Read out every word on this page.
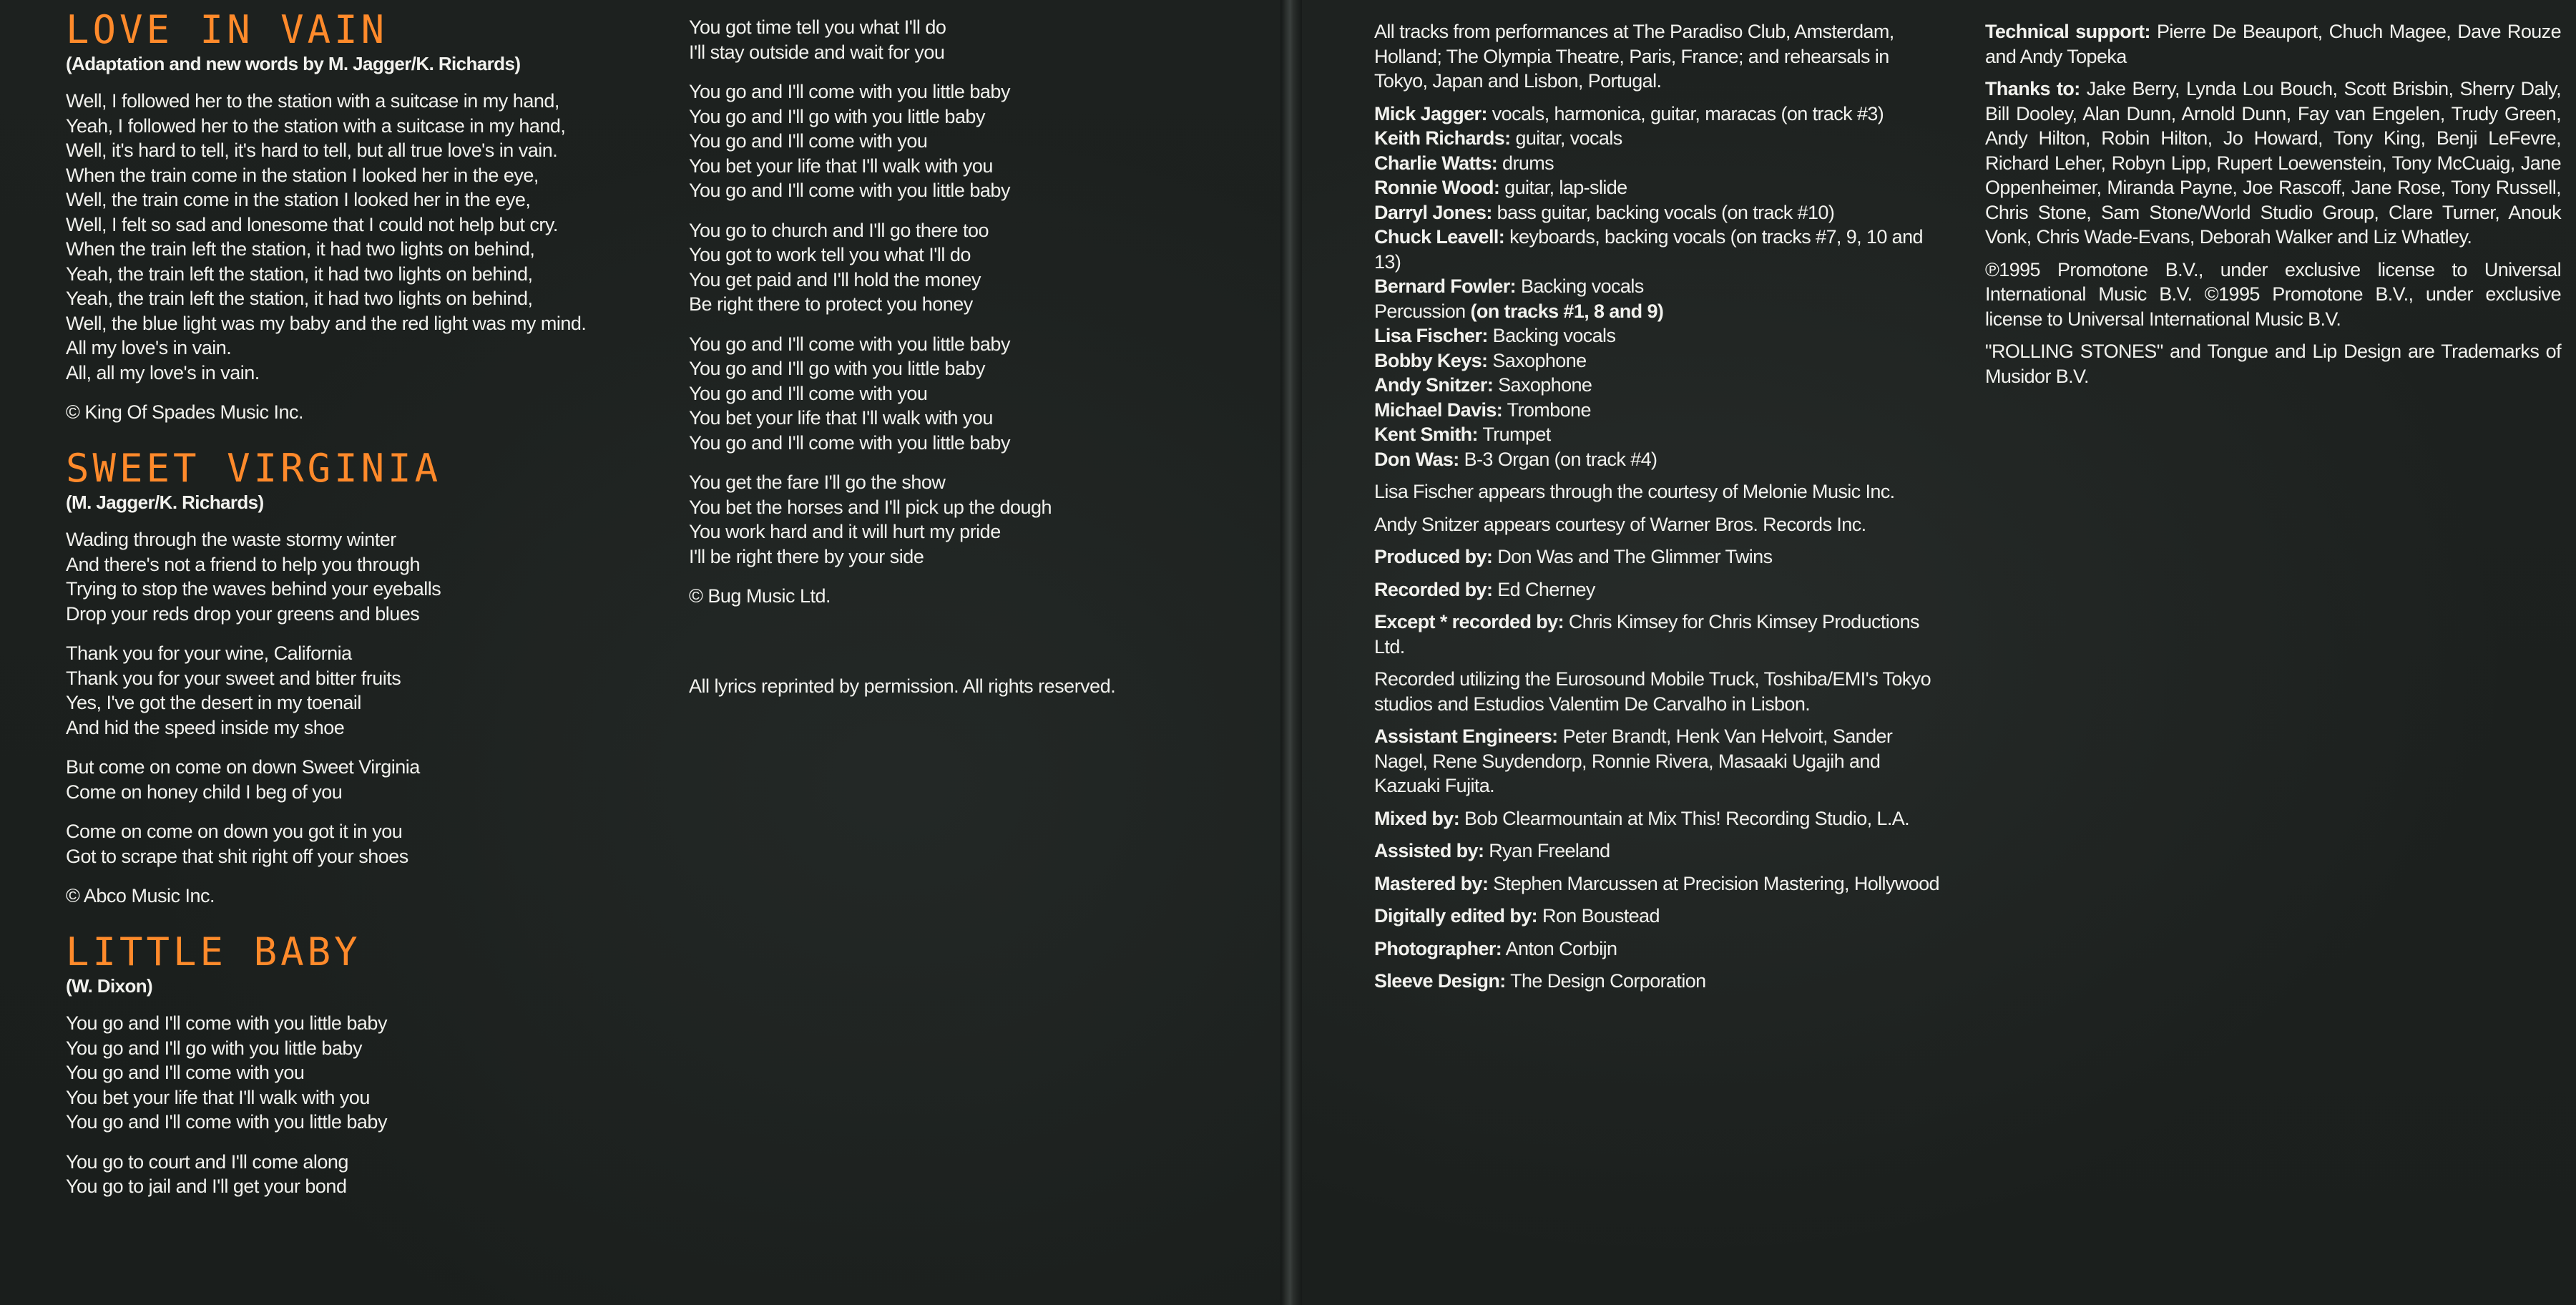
LOVE IN VAIN

(Adaptation and new words by M. Jagger/K. Richards)

Well, I followed her to the station with a suitcase in my hand,
Yeah, I followed her to the station with a suitcase in my hand,
Well, it's hard to tell, it's hard to tell, but all true love's in vain.
When the train come in the station I looked her in the eye,
Well, the train come in the station I looked her in the eye,
Well, I felt so sad and lonesome that I could not help but cry.
When the train left the station, it had two lights on behind,
Yeah, the train left the station, it had two lights on behind,
Yeah, the train left the station, it had two lights on behind,
Well, the blue light was my baby and the red light was my mind.
All my love's in vain.
All, all my love's in vain.

© King Of Spades Music Inc.

SWEET VIRGINIA

(M. Jagger/K. Richards)

Wading through the waste stormy winter
And there's not a friend to help you through
Trying to stop the waves behind your eyeballs
Drop your reds drop your greens and blues
Thank you for your wine, California
Thank you for your sweet and bitter fruits
Yes, I've got the desert in my toenail
And hid the speed inside my shoe
But come on come on down Sweet Virginia
Come on honey child I beg of you
Come on come on down you got it in you
Got to scrape that shit right off your shoes

© Abco Music Inc.

LITTLE BABY

(W. Dixon)

You go and I'll come with you little baby
You go and I'll go with you little baby
You go and I'll come with you
You bet your life that I'll walk with you
You go and I'll come with you little baby
You go to court and I'll come along
You go to jail and I'll get your bond
You got time tell you what I'll do
I'll stay outside and wait for you
You go and I'll come with you little baby
You go and I'll go with you little baby
You go and I'll come with you
You bet your life that I'll walk with you
You go and I'll come with you little baby
You go to church and I'll go there too
You got to work tell you what I'll do
You get paid and I'll hold the money
Be right there to protect you honey
You go and I'll come with you little baby
You go and I'll go with you little baby
You go and I'll come with you
You bet your life that I'll walk with you
You go and I'll come with you little baby
You get the fare I'll go the show
You bet the horses and I'll pick up the dough
You work hard and it will hurt my pride
I'll be right there by your side

© Bug Music Ltd.

All lyrics reprinted by permission. All rights reserved.

All tracks from performances at The Paradiso Club, Amsterdam, Holland; The Olympia Theatre, Paris, France; and rehearsals in Tokyo, Japan and Lisbon, Portugal.

Mick Jagger: vocals, harmonica, guitar, maracas (on track #3)
Keith Richards: guitar, vocals
Charlie Watts: drums
Ronnie Wood: guitar, lap-slide
Darryl Jones: bass guitar, backing vocals (on track #10)
Chuck Leavell: keyboards, backing vocals (on tracks #7, 9, 10 and 13)
Bernard Fowler: Backing vocals
Percussion (on tracks #1, 8 and 9)
Lisa Fischer: Backing vocals
Bobby Keys: Saxophone
Andy Snitzer: Saxophone
Michael Davis: Trombone
Kent Smith: Trumpet
Don Was: B-3 Organ (on track #4)

Lisa Fischer appears through the courtesy of Melonie Music Inc.

Andy Snitzer appears courtesy of Warner Bros. Records Inc.

Produced by: Don Was and The Glimmer Twins

Recorded by: Ed Cherney

Except * recorded by: Chris Kimsey for Chris Kimsey Productions Ltd.

Recorded utilizing the Eurosound Mobile Truck, Toshiba/EMI's Tokyo studios and Estudios Valentim De Carvalho in Lisbon.

Assistant Engineers: Peter Brandt, Henk Van Helvoirt, Sander Nagel, Rene Suydendorp, Ronnie Rivera, Masaaki Ugajih and Kazuaki Fujita.

Mixed by: Bob Clearmountain at Mix This! Recording Studio, L.A.

Assisted by: Ryan Freeland

Mastered by: Stephen Marcussen at Precision Mastering, Hollywood

Digitally edited by: Ron Boustead

Photographer: Anton Corbijn

Sleeve Design: The Design Corporation

Technical support: Pierre De Beauport, Chuch Magee, Dave Rouze and Andy Topeka

Thanks to: Jake Berry, Lynda Lou Bouch, Scott Brisbin, Sherry Daly, Bill Dooley, Alan Dunn, Arnold Dunn, Fay van Engelen, Trudy Green, Andy Hilton, Robin Hilton, Jo Howard, Tony King, Benji LeFevre, Richard Leher, Robyn Lipp, Rupert Loewenstein, Tony McCuaig, Jane Oppenheimer, Miranda Payne, Joe Rascoff, Jane Rose, Tony Russell, Chris Stone, Sam Stone/World Studio Group, Clare Turner, Anouk Vonk, Chris Wade-Evans, Deborah Walker and Liz Whatley.

℗1995 Promotone B.V., under exclusive license to Universal International Music B.V. ©1995 Promotone B.V., under exclusive license to Universal International Music B.V.

"ROLLING STONES" and Tongue and Lip Design are Trademarks of Musidor B.V.
